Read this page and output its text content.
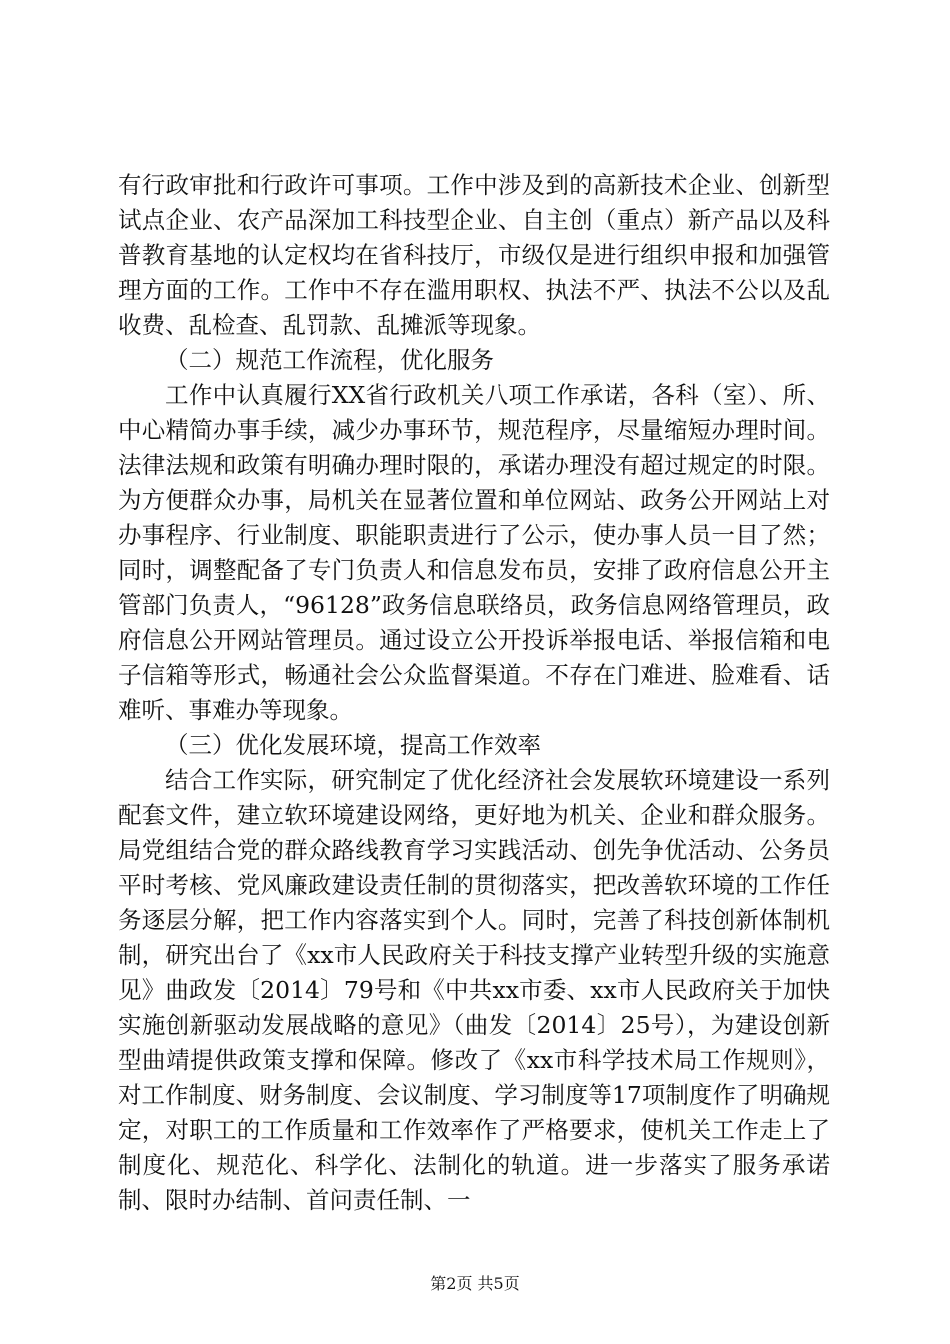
有行政审批和行政许可事项。工作中涉及到的高新技术企业、创新型试点企业、农产品深加工科技型企业、自主创（重点）新产品以及科普教育基地的认定权均在省科技厅，市级仅是进行组织申报和加强管理方面的工作。工作中不存在滥用职权、执法不严、执法不公以及乱收费、乱检查、乱罚款、乱摊派等现象。

（二）规范工作流程，优化服务

工作中认真履行XX省行政机关八项工作承诺，各科（室）、所、中心精简办事手续，减少办事环节，规范程序，尽量缩短办理时间。法律法规和政策有明确办理时限的，承诺办理没有超过规定的时限。为方便群众办事，局机关在显著位置和单位网站、政务公开网站上对办事程序、行业制度、职能职责进行了公示，使办事人员一目了然；同时，调整配备了专门负责人和信息发布员，安排了政府信息公开主管部门负责人，“96128”政务信息联络员，政务信息网络管理员，政府信息公开网站管理员。通过设立公开投诉举报电话、举报信箱和电子信箱等形式，畅通社会公众监督渠道。不存在门难进、脸难看、话难听、事难办等现象。

（三）优化发展环境，提高工作效率

结合工作实际，研究制定了优化经济社会发展软环境建设一系列配套文件，建立软环境建设网络，更好地为机关、企业和群众服务。局党组结合党的群众路线教育学习实践活动、创先争优活动、公务员平时考核、党风廉政建设责任制的贯彻落实，把改善软环境的工作任务逐层分解，把工作内容落实到个人。同时，完善了科技创新体制机制，研究出台了《xx市人民政府关于科技支撑产业转型升级的实施意见》曲政发〔2014〕79号和《中共xx市委、xx市人民政府关于加快实施创新驱动发展战略的意见》（曲发〔2014〕25号），为建设创新型曲靖提供政策支撑和保障。修改了《xx市科学技术局工作规则》，对工作制度、财务制度、会议制度、学习制度等17项制度作了明确规定，对职工的工作质量和工作效率作了严格要求，使机关工作走上了制度化、规范化、科学化、法制化的轨道。进一步落实了服务承诺制、限时办结制、首问责任制、一

第2页 共5页
